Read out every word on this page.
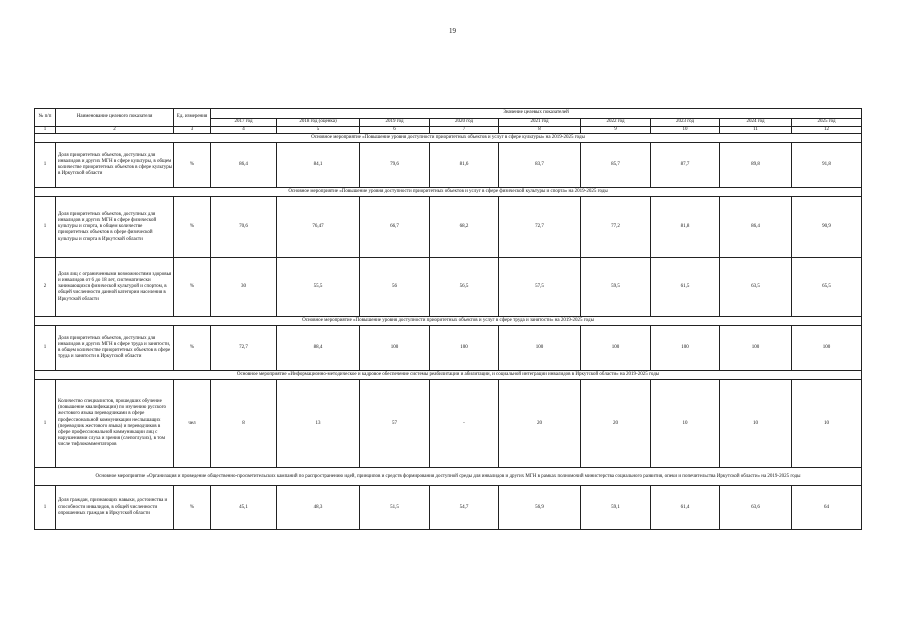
19
№ п/п	Наименование целевого показателя	Ед. измерения	Значение целевых показателей								
			2017 год	2018 год (оценка)	2019 год	2020 год	2021 год	2022 год	2023 год	2024 год	2025 год
1	2	3	4	5	6	7	8	9	10	11	12
Основное мероприятие «Повышение уровня доступности приоритетных объектов и услуг в сфере культуры» на 2019-2025 годы											
1	Доля приоритетных объектов, доступных для инвалидов и других МГН в сфере культуры, в общем количестве приоритетных объектов в сфере культуры в Иркутской области	%	86,4	84,1	79,6	81,6	83,7	85,7	87,7	89,8	91,8
Основное мероприятие «Повышение уровня доступности приоритетных объектов и услуг в сфере физической культуры и спорта» на 2019-2025 годы											
1	Доля приоритетных объектов, доступных для инвалидов и других МГН в сфере физической культуры и спорта, в общем количестве приоритетных объектов в сфере физической культуры и спорта в Иркутской области	%	70,6	76,47	66,7	68,2	72,7	77,2	81,8	86,4	90,9
2	Доля лиц с ограниченными возможностями здоровья и инвалидов от 6 до 18 лет, систематически занимающихся физической культурой и спортом, в общей численности данной категории населения в Иркутской области	%	30	55,5	56	56,5	57,5	59,5	61,5	63,5	65,5
Основное мероприятие «Повышение уровня доступности приоритетных объектов и услуг в сфере труда и занятости» на 2019-2025 годы											
1	Доля приоритетных объектов, доступных для инвалидов и других МГН в сфере труда и занятости, в общем количестве приоритетных объектов в сфере труда и занятости в Иркутской области	%	72,7	88,4	100	100	100	100	100	100	100
Основное мероприятие «Информационно-методическое и кадровое обеспечение системы реабилитации и абилитации, и социальной интеграции инвалидов в Иркутской области» на 2019-2025 годы											
1	Количество специалистов, прошедших обучение (повышение квалификации) по изучению русского жестового языка переводчиками в сфере профессиональной коммуникации неслышащих (переводчик жестового языка) и переводчиков в сфере профессиональной коммуникации лиц с нарушениями слуха и зрения (слепоглухих), в том числе тифлокомментаторов	чел	8	13	57	-	20	20	10	10	10
Основное мероприятие «Организация и проведение общественно-просветительских кампаний по распространению идей, принципов и средств формирования доступной среды для инвалидов и других МГН в рамках полномочий министерства социального развития, опеки и попечительства Иркутской области» на 2019-2025 годы											
1	Доля граждан, признающих навыки, достоинства и способности инвалидов, в общей численности опрошенных граждан в Иркутской области	%	45,1	48,3	51,5	54,7	56,9	59,1	61,4	63,6	64
